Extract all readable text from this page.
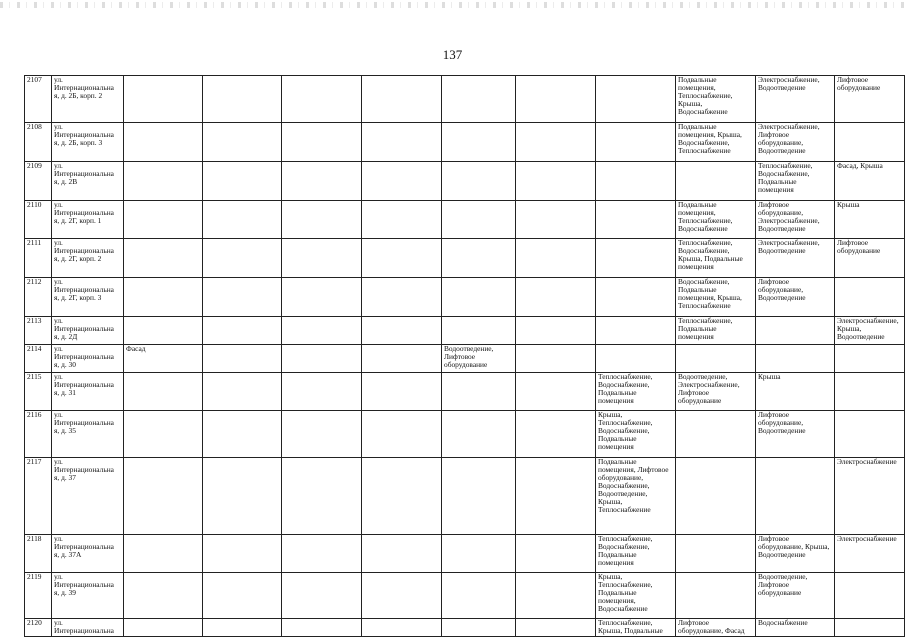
137
2107	ул. Интернациональна я, д. 2Б, корп. 2								Подвальные помещения, Теплоснабжение, Крыша, Водоснабжение	Электроснабжение, Водоотведение	Лифтовое оборудование
2108	ул. Интернациональна я, д. 2Б, корп. 3								Подвальные помещения, Крыша, Водоснабжение, Теплоснабжение	Электроснабжение, Лифтовое оборудование, Водоотведение	
2109	ул. Интернациональна я, д. 2В									Теплоснабжение, Водоснабжение, Подвальные помещения	Фасад, Крыша
2110	ул. Интернациональна я, д. 2Г, корп. 1								Подвальные помещения, Теплоснабжение, Водоснабжение	Лифтовое оборудование, Электроснабжение, Водоотведение	Крыша
2111	ул. Интернациональна я, д. 2Г, корп. 2								Теплоснабжение, Водоснабжение, Крыша, Подвальные помещения	Электроснабжение, Водоотведение	Лифтовое оборудование
2112	ул. Интернациональна я, д. 2Г, корп. 3								Водоснабжение, Подвальные помещения, Крыша, Теплоснабжение	Лифтовое оборудование, Водоотведение	
2113	ул. Интернациональна я, д. 2Д								Теплоснабжение, Подвальные помещения		Электроснабжение, Крыша, Водоотведение
2114	ул. Интернациональна я, д. 30	Фасад				Водоотведение, Лифтовое оборудование					
2115	ул. Интернациональна я, д. 31							Теплоснабжение, Водоснабжение, Подвальные помещения	Водоотведение, Электроснабжение, Лифтовое оборудование	Крыша	
2116	ул. Интернациональна я, д. 35							Крыша, Теплоснабжение, Водоснабжение, Подвальные помещения		Лифтовое оборудование, Водоотведение	
2117	ул. Интернациональна я, д. 37							Подвальные помещения, Лифтовое оборудование, Водоснабжение, Водоотведение, Крыша, Теплоснабжение			Электроснабжение
2118	ул. Интернациональна я, д. 37А							Теплоснабжение, Водоснабжение, Подвальные помещения		Лифтовое оборудование, Крыша, Водоотведение	Электроснабжение
2119	ул. Интернациональна я, д. 39							Крыша, Теплоснабжение, Подвальные помещения, Водоснабжение		Водоотведение, Лифтовое оборудование	
2120	ул. Интернациональна							Теплоснабжение, Крыша, Подвальные	Лифтовое оборудование, Фасад	Водоснабжение	
